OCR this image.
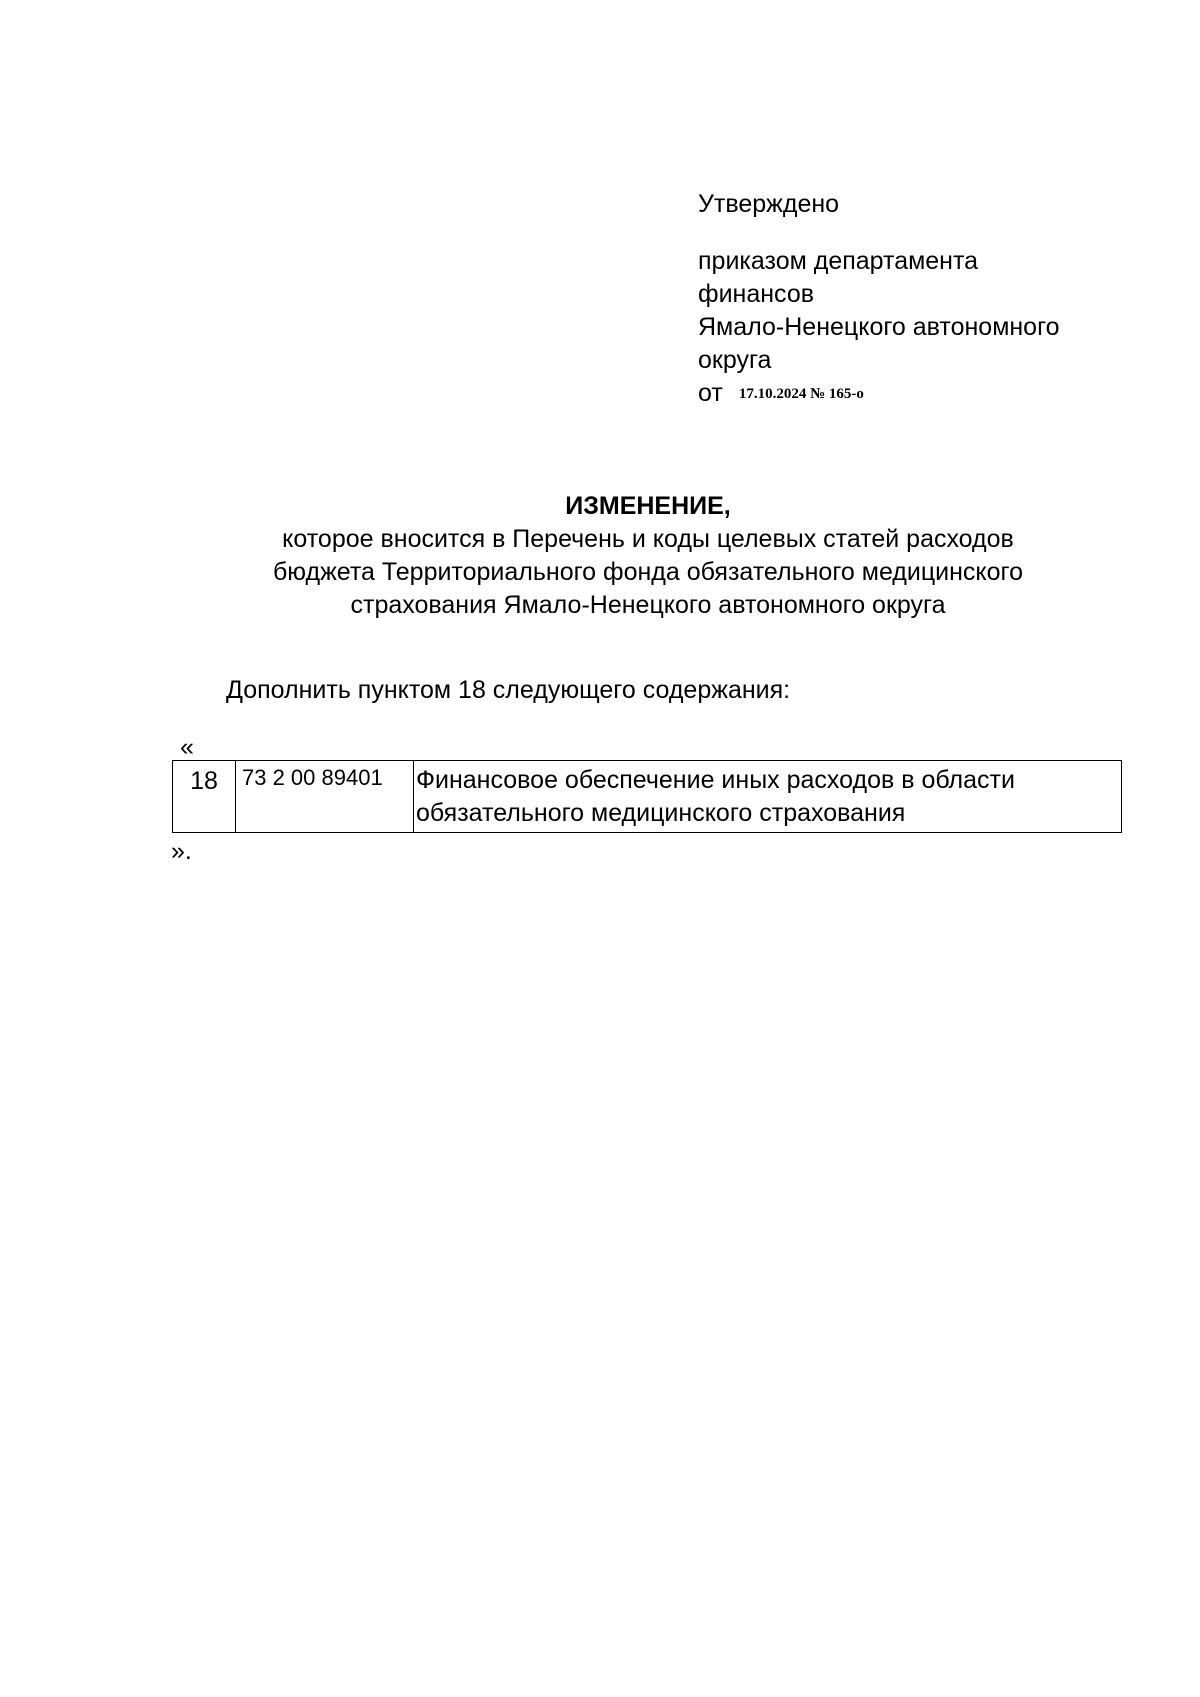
Утверждено

приказом департамента

финансов

Ямало-Ненецкого автономного

округа

от 17.10.2024 № 165-о

ИЗМЕНЕНИЕ,
которое вносится в Перечень и коды целевых статей расходов
бюджета Территориального фонда обязательного медицинского
страхования Ямало-Ненецкого автономного округа
Дополнить пунктом 18 следующего содержания:
«
18	73 2 00 89401	Финансовое обеспечение иных расходов в области обязательного медицинского страхования
».
